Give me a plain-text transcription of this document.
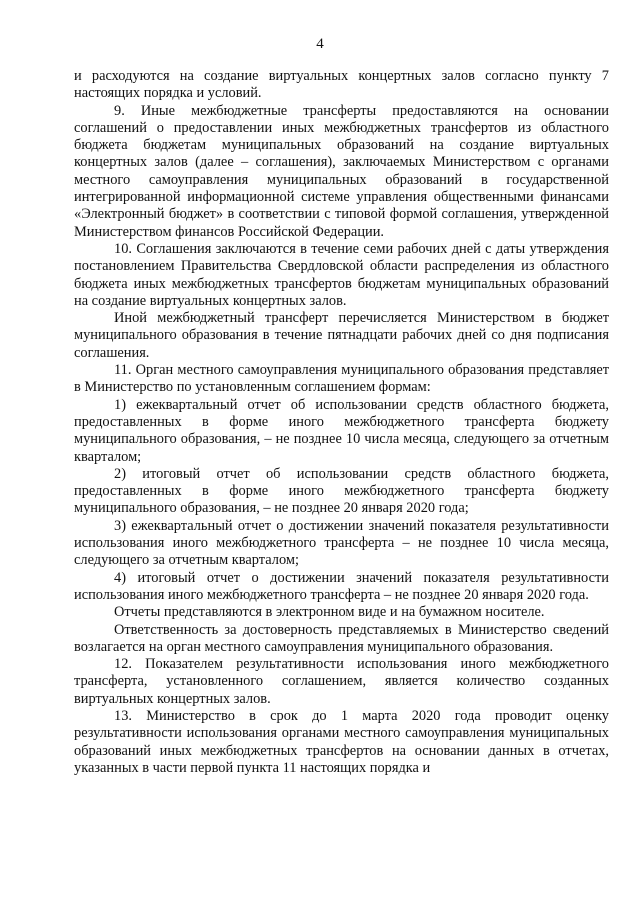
4

и расходуются на создание виртуальных концертных залов согласно пункту 7 настоящих порядка и условий.

9. Иные межбюджетные трансферты предоставляются на основании соглашений о предоставлении иных межбюджетных трансфертов из областного бюджета бюджетам муниципальных образований на создание виртуальных концертных залов (далее – соглашения), заключаемых Министерством с органами местного самоуправления муниципальных образований в государственной интегрированной информационной системе управления общественными финансами «Электронный бюджет» в соответствии с типовой формой соглашения, утвержденной Министерством финансов Российской Федерации.

10. Соглашения заключаются в течение семи рабочих дней с даты утверждения постановлением Правительства Свердловской области распределения из областного бюджета иных межбюджетных трансфертов бюджетам муниципальных образований на создание виртуальных концертных залов.

Иной межбюджетный трансферт перечисляется Министерством в бюджет муниципального образования в течение пятнадцати рабочих дней со дня подписания соглашения.

11. Орган местного самоуправления муниципального образования представляет в Министерство по установленным соглашением формам:

1) ежеквартальный отчет об использовании средств областного бюджета, предоставленных в форме иного межбюджетного трансферта бюджету муниципального образования, – не позднее 10 числа месяца, следующего за отчетным кварталом;

2) итоговый отчет об использовании средств областного бюджета, предоставленных в форме иного межбюджетного трансферта бюджету муниципального образования, – не позднее 20 января 2020 года;

3) ежеквартальный отчет о достижении значений показателя результативности использования иного межбюджетного трансферта – не позднее 10 числа месяца, следующего за отчетным кварталом;

4) итоговый отчет о достижении значений показателя результативности использования иного межбюджетного трансферта – не позднее 20 января 2020 года.

Отчеты представляются в электронном виде и на бумажном носителе.

Ответственность за достоверность представляемых в Министерство сведений возлагается на орган местного самоуправления муниципального образования.

12. Показателем результативности использования иного межбюджетного трансферта, установленного соглашением, является количество созданных виртуальных концертных залов.

13. Министерство в срок до 1 марта 2020 года проводит оценку результативности использования органами местного самоуправления муниципальных образований иных межбюджетных трансфертов на основании данных в отчетах, указанных в части первой пункта 11 настоящих порядка и
